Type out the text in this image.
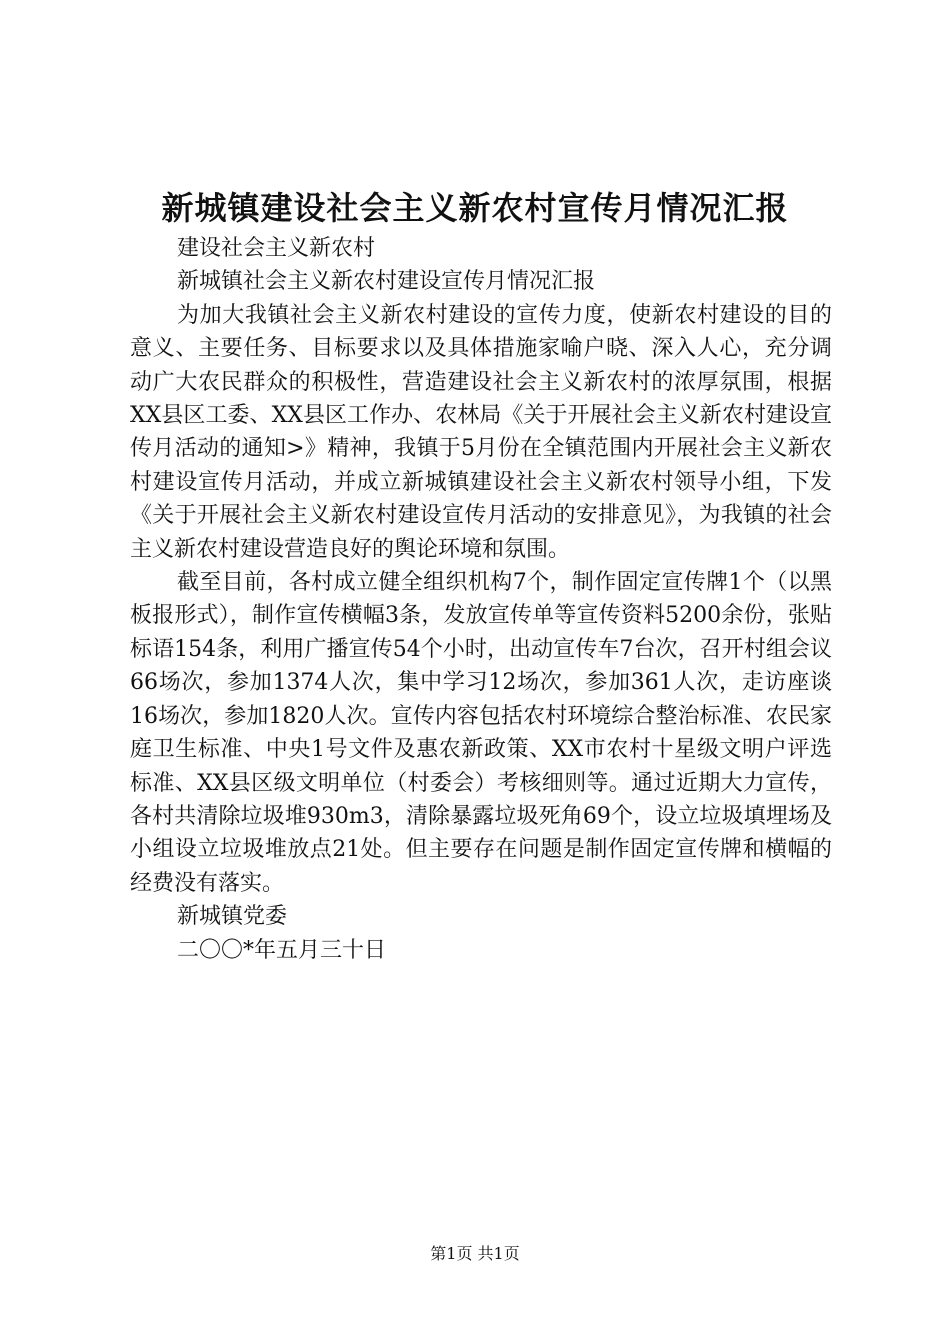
新城镇建设社会主义新农村宣传月情况汇报

建设社会主义新农村

新城镇社会主义新农村建设宣传月情况汇报

为加大我镇社会主义新农村建设的宣传力度，使新农村建设的目的意义、主要任务、目标要求以及具体措施家喻户晓、深入人心，充分调动广大农民群众的积极性，营造建设社会主义新农村的浓厚氛围，根据XX县区工委、XX县区工作办、农林局《关于开展社会主义新农村建设宣传月活动的通知>》精神，我镇于5月份在全镇范围内开展社会主义新农村建设宣传月活动，并成立新城镇建设社会主义新农村领导小组，下发《关于开展社会主义新农村建设宣传月活动的安排意见》，为我镇的社会主义新农村建设营造良好的舆论环境和氛围。

截至目前，各村成立健全组织机构7个，制作固定宣传牌1个（以黑板报形式），制作宣传横幅3条，发放宣传单等宣传资料5200余份，张贴标语154条，利用广播宣传54个小时，出动宣传车7台次，召开村组会议66场次，参加1374人次，集中学习12场次，参加361人次，走访座谈16场次，参加1820人次。宣传内容包括农村环境综合整治标准、农民家庭卫生标准、中央1号文件及惠农新政策、XX市农村十星级文明户评选标准、XX县区级文明单位（村委会）考核细则等。通过近期大力宣传，各村共清除垃圾堆930m3，清除暴露垃圾死角69个，设立垃圾填埋场及小组设立垃圾堆放点21处。但主要存在问题是制作固定宣传牌和横幅的经费没有落实。

新城镇党委

二〇〇*年五月三十日

第1页 共1页
